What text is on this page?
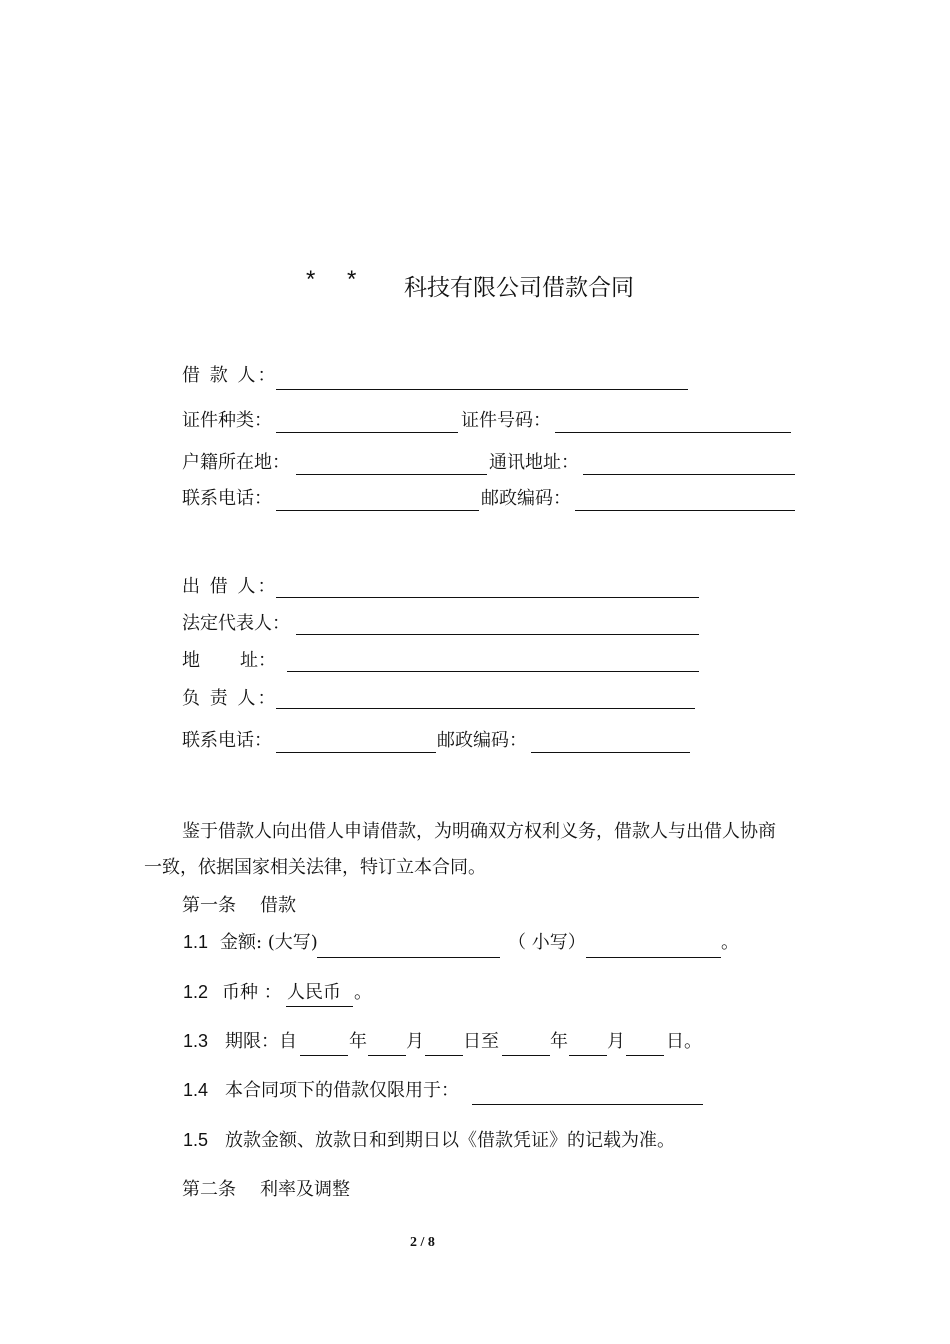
* * 科技有限公司借款合同
借 款 人：
证件种类：	证件号码：
户籍所在地：	通讯地址：
联系电话：	邮政编码：
出 借 人：
法定代表人：
地 址：
负 责 人：
联系电话：	邮政编码：
鉴于借款人向出借人申请借款，为明确双方权利义务，借款人与出借人协商
一致，依据国家相关法律，特订立本合同。
第一条 借款
1.1 金额: (大写)	（ 小写）	。
1.2 币种 ： 人民币 。
1.3 期限：自	年 月 日至	年 月 日。
1.4 本合同项下的借款仅限用于：
1.5 放款金额、放款日和到期日以《借款凭证》的记载为准。
第二条 利率及调整
2 / 8
